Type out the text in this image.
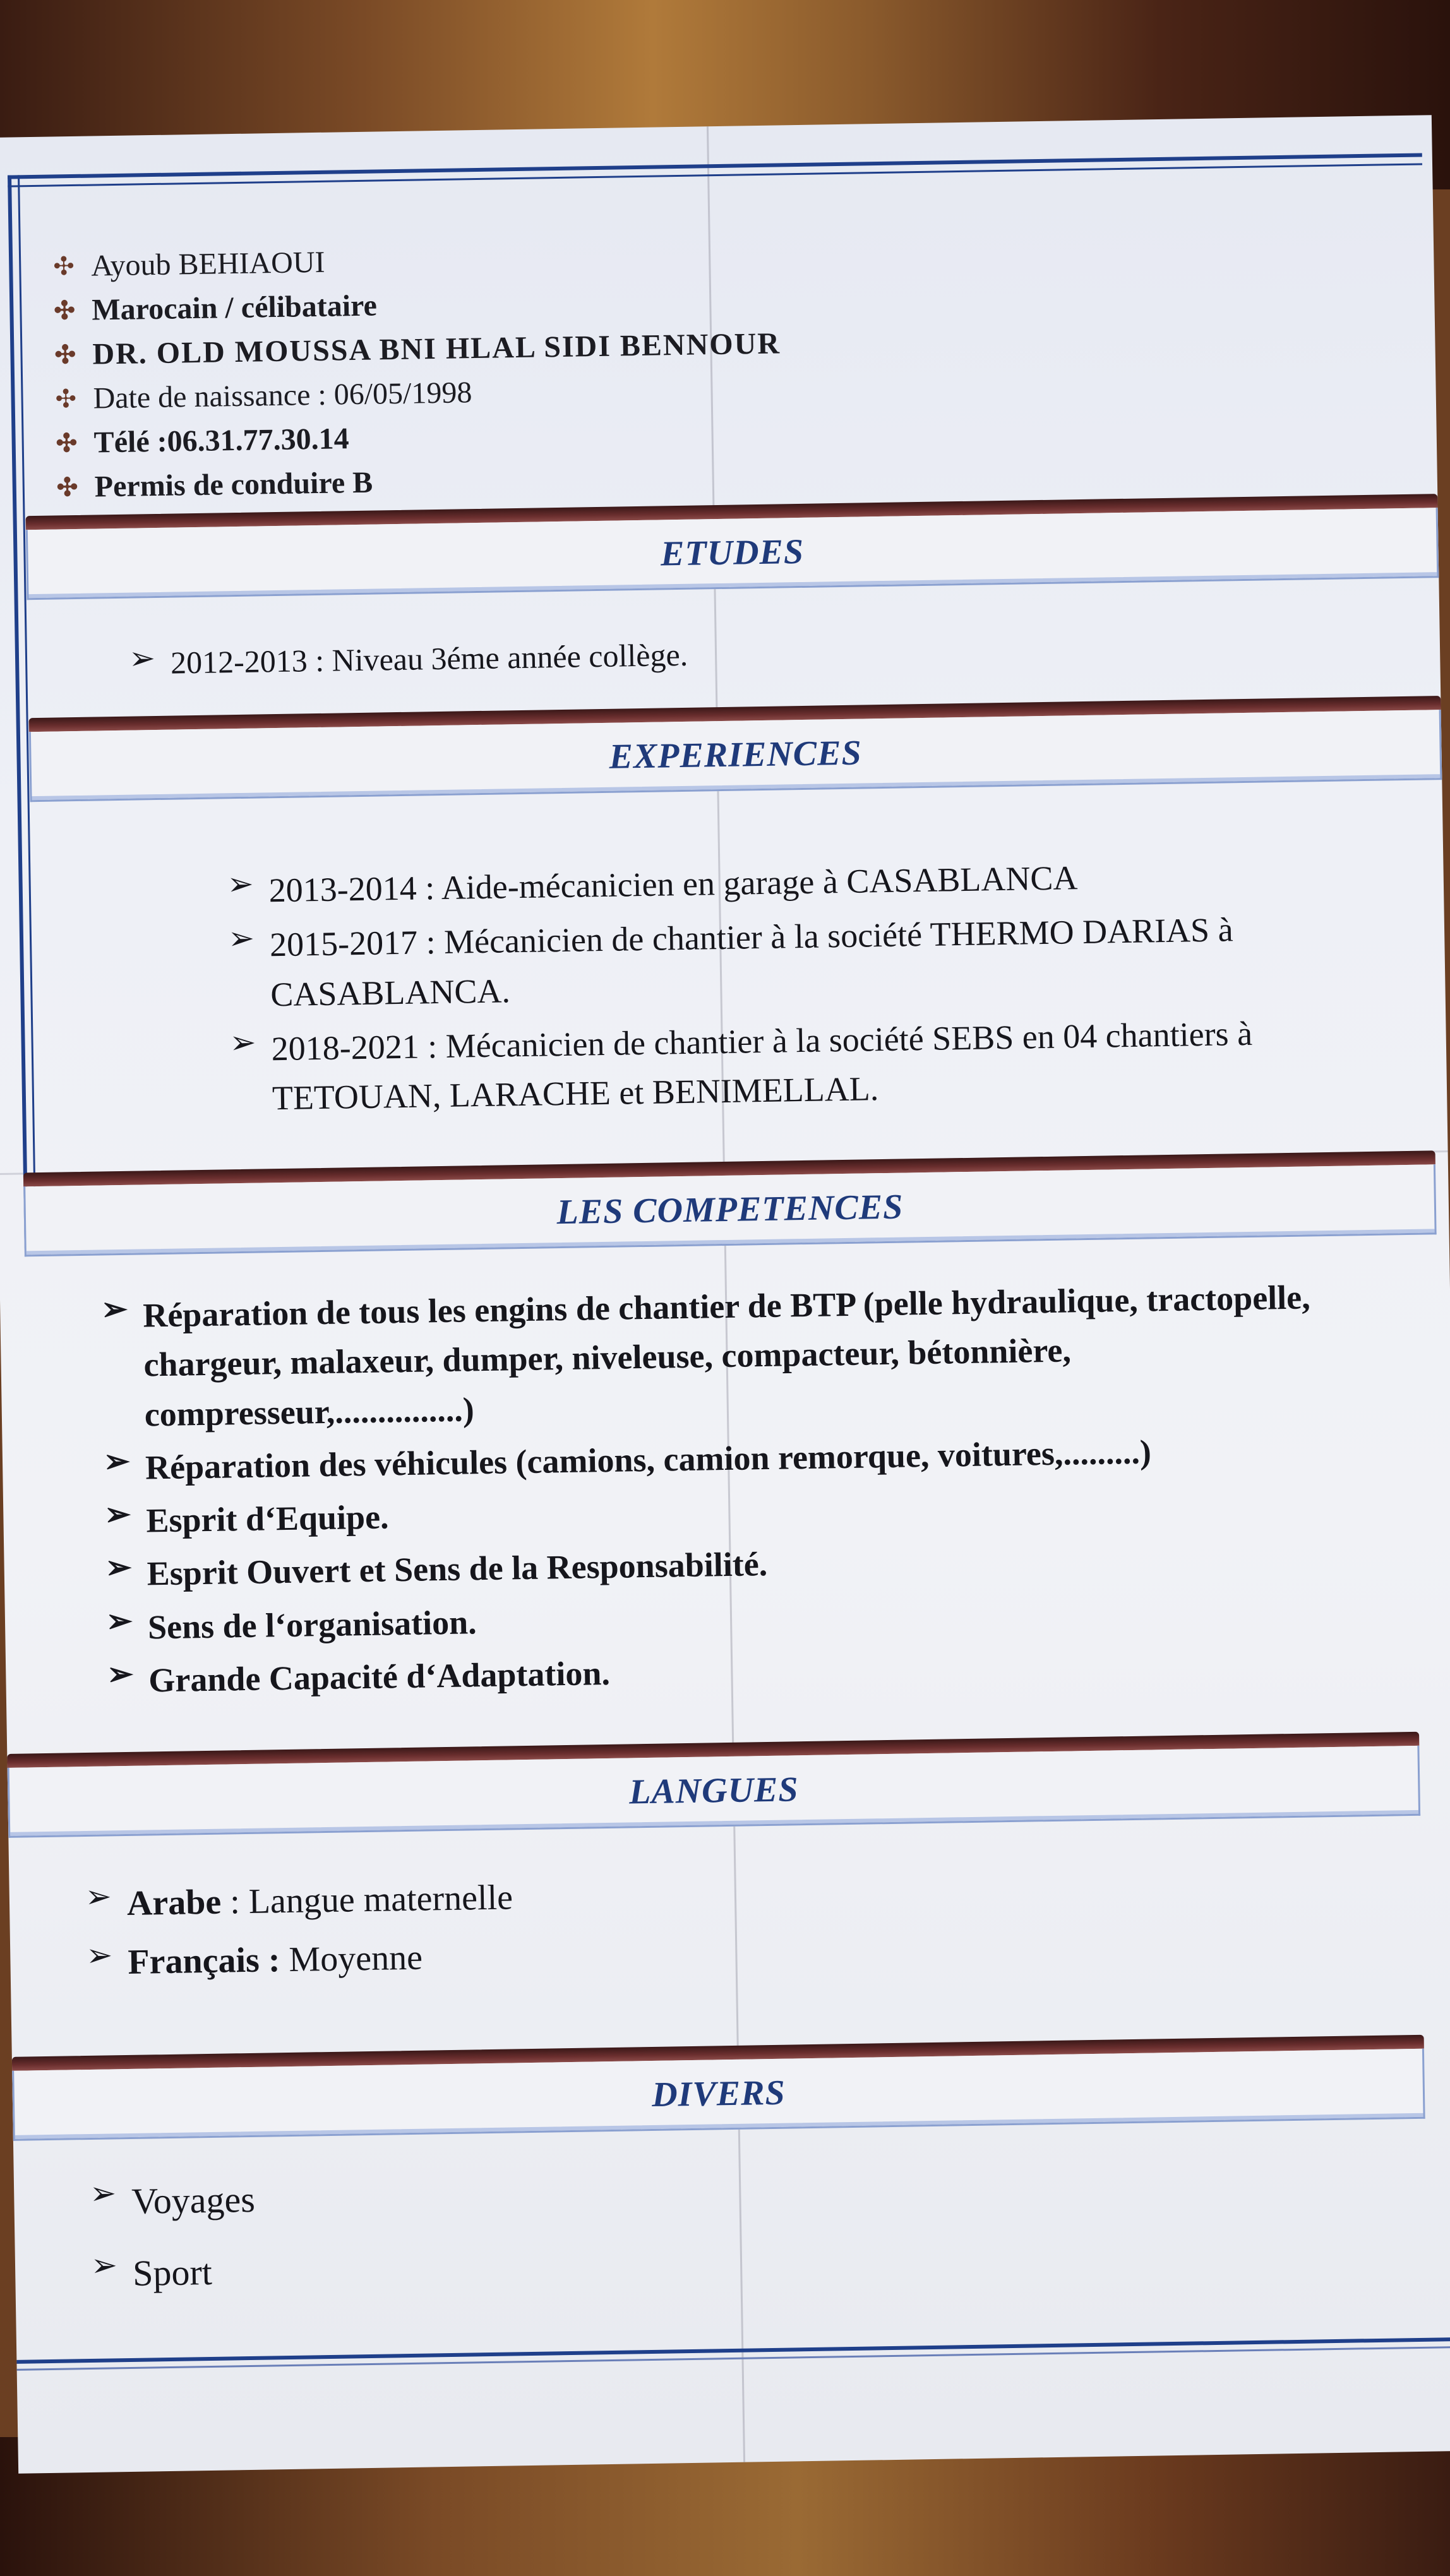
✣ Ayoub BEHIAOUI
✣ Marocain / célibataire
✣ DR. OLD MOUSSA BNI HLAL SIDI BENNOUR
✣ Date de naissance : 06/05/1998
✣ Télé :06.31.77.30.14
✣ Permis de conduire B
ETUDES
➢ 2012-2013 : Niveau 3éme année collège.
EXPERIENCES
➢ 2013-2014 : Aide-mécanicien en garage à CASABLANCA
➢ 2015-2017 : Mécanicien de chantier à la société THERMO DARIAS à CASABLANCA.
➢ 2018-2021 : Mécanicien de chantier à la société SEBS en 04 chantiers à TETOUAN, LARACHE et BENIMELLAL.
LES COMPETENCES
➢ Réparation de tous les engins de chantier de BTP (pelle hydraulique, tractopelle, chargeur, malaxeur, dumper, niveleuse, compacteur, bétonnière, compresseur,...............)
➢ Réparation des véhicules (camions, camion remorque, voitures,.........)
➢ Esprit d‘Equipe.
➢ Esprit Ouvert et Sens de la Responsabilité.
➢ Sens de l‘organisation.
➢ Grande Capacité d‘Adaptation.
LANGUES
➢ Arabe : Langue maternelle
➢ Français : Moyenne
DIVERS
➢ Voyages
➢ Sport
